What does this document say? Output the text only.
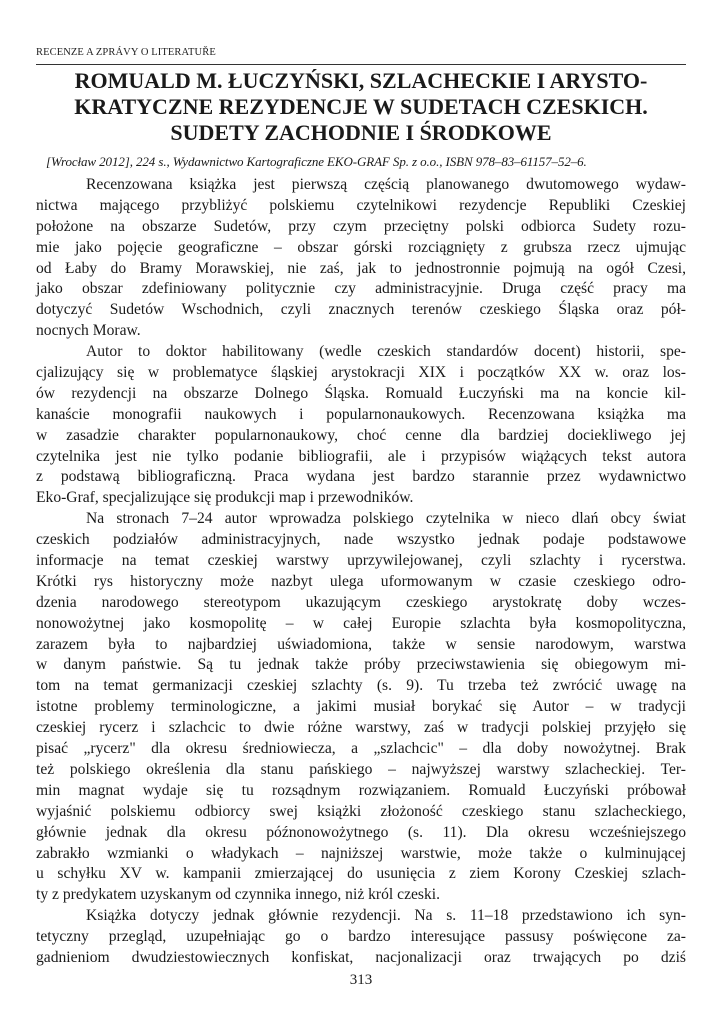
RECENZE A ZPRÁVY O LITERATUŘE
ROMUALD M. ŁUCZYŃSKI, SZLACHECKIE I ARYSTO-
KRATYCZNE REZYDENCJE W SUDETACH CZESKICH.
SUDETY ZACHODNIE I ŚRODKOWE

[Wrocław 2012], 224 s., Wydawnictwo Kartograficzne EKO-GRAF Sp. z o.o., ISBN 978–83–61157–52–6.

Recenzowana książka jest pierwszą częścią planowanego dwutomowego wydaw-
nictwa mającego przybliżyć polskiemu czytelnikowi rezydencje Republiki Czeskiej
położone na obszarze Sudetów, przy czym przeciętny polski odbiorca Sudety rozu-
mie jako pojęcie geograficzne – obszar górski rozciągnięty z grubsza rzecz ujmując
od Łaby do Bramy Morawskiej, nie zaś, jak to jednostronnie pojmują na ogół Czesi,
jako obszar zdefiniowany politycznie czy administracyjnie. Druga część pracy ma
dotyczyć Sudetów Wschodnich, czyli znacznych terenów czeskiego Śląska oraz pół-
nocnych Moraw.
Autor to doktor habilitowany (wedle czeskich standardów docent) historii, spe-
cjalizujący się w problematyce śląskiej arystokracji XIX i początków XX w. oraz los-
ów rezydencji na obszarze Dolnego Śląska. Romuald Łuczyński ma na koncie kil-
kanaście monografii naukowych i popularnonaukowych. Recenzowana książka ma
w zasadzie charakter popularnonaukowy, choć cenne dla bardziej dociekliwego jej
czytelnika jest nie tylko podanie bibliografii, ale i przypisów wiążących tekst autora
z podstawą bibliograficzną. Praca wydana jest bardzo starannie przez wydawnictwo
Eko-Graf, specjalizujące się produkcji map i przewodników.
Na stronach 7–24 autor wprowadza polskiego czytelnika w nieco dlań obcy świat
czeskich podziałów administracyjnych, nade wszystko jednak podaje podstawowe
informacje na temat czeskiej warstwy uprzywilejowanej, czyli szlachty i rycerstwa.
Krótki rys historyczny może nazbyt ulega uformowanym w czasie czeskiego odro-
dzenia narodowego stereotypom ukazującym czeskiego arystokratę doby wczes-
nonowożytnej jako kosmopolitę – w całej Europie szlachta była kosmopolityczna,
zarazem była to najbardziej uświadomiona, także w sensie narodowym, warstwa
w danym państwie. Są tu jednak także próby przeciwstawienia się obiegowym mi-
tom na temat germanizacji czeskiej szlachty (s. 9). Tu trzeba też zwrócić uwagę na
istotne problemy terminologiczne, a jakimi musiał borykać się Autor – w tradycji
czeskiej rycerz i szlachcic to dwie różne warstwy, zaś w tradycji polskiej przyjęło się
pisać „rycerz" dla okresu średniowiecza, a „szlachcic" – dla doby nowożytnej. Brak
też polskiego określenia dla stanu pańskiego – najwyższej warstwy szlacheckiej. Ter-
min magnat wydaje się tu rozsądnym rozwiązaniem. Romuald Łuczyński próbował
wyjaśnić polskiemu odbiorcy swej książki złożoność czeskiego stanu szlacheckiego,
głównie jednak dla okresu późnonowożytnego (s. 11). Dla okresu wcześniejszego
zabrakło wzmianki o władykach – najniższej warstwie, może także o kulminującej
u schyłku XV w. kampanii zmierzającej do usunięcia z ziem Korony Czeskiej szlach-
ty z predykatem uzyskanym od czynnika innego, niż król czeski.
Książka dotyczy jednak głównie rezydencji. Na s. 11–18 przedstawiono ich syn-
tetyczny przegląd, uzupełniając go o bardzo interesujące passusy poświęcone za-
gadnieniom dwudziestowiecznych konfiskat, nacjonalizacji oraz trwających po dziś
313
